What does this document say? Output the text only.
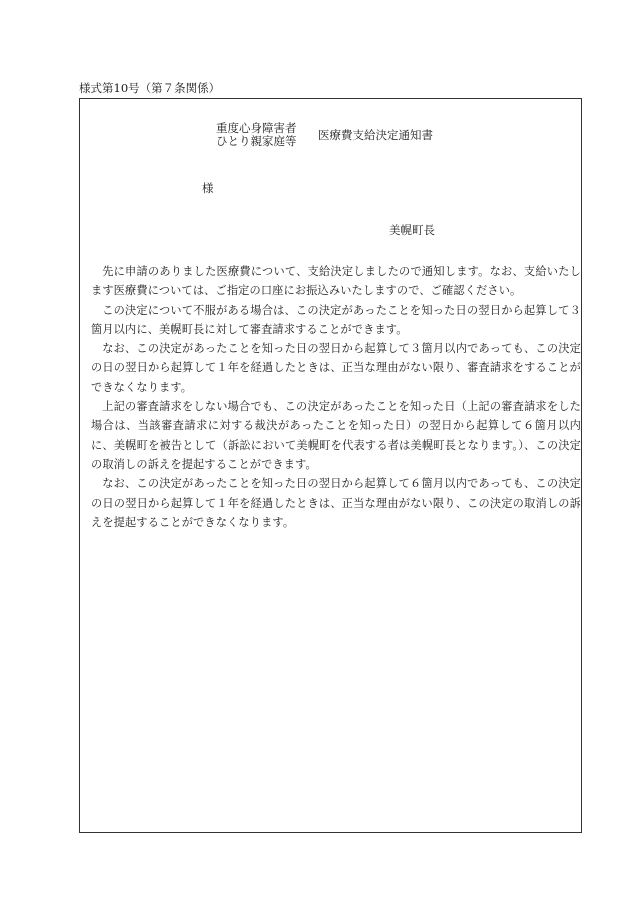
様式第10号（第７条関係）
重度心身障害者
ひとり親家庭等 医療費支給決定通知書
様
美幌町長

先に申請のありました医療費について、支給決定しましたので通知します。なお、支給いたします医療費については、ご指定の口座にお振込みいたしますので、ご確認ください。

この決定について不服がある場合は、この決定があったことを知った日の翌日から起算して３箇月以内に、美幌町長に対して審査請求することができます。

なお、この決定があったことを知った日の翌日から起算して３箇月以内であっても、この決定の日の翌日から起算して１年を経過したときは、正当な理由がない限り、審査請求をすることができなくなります。

上記の審査請求をしない場合でも、この決定があったことを知った日（上記の審査請求をした場合は、当該審査請求に対する裁決があったことを知った日）の翌日から起算して６箇月以内に、美幌町を被告として（訴訟において美幌町を代表する者は美幌町長となります。）、この決定の取消しの訴えを提起することができます。

なお、この決定があったことを知った日の翌日から起算して６箇月以内であっても、この決定の日の翌日から起算して１年を経過したときは、正当な理由がない限り、この決定の取消しの訴えを提起することができなくなります。
